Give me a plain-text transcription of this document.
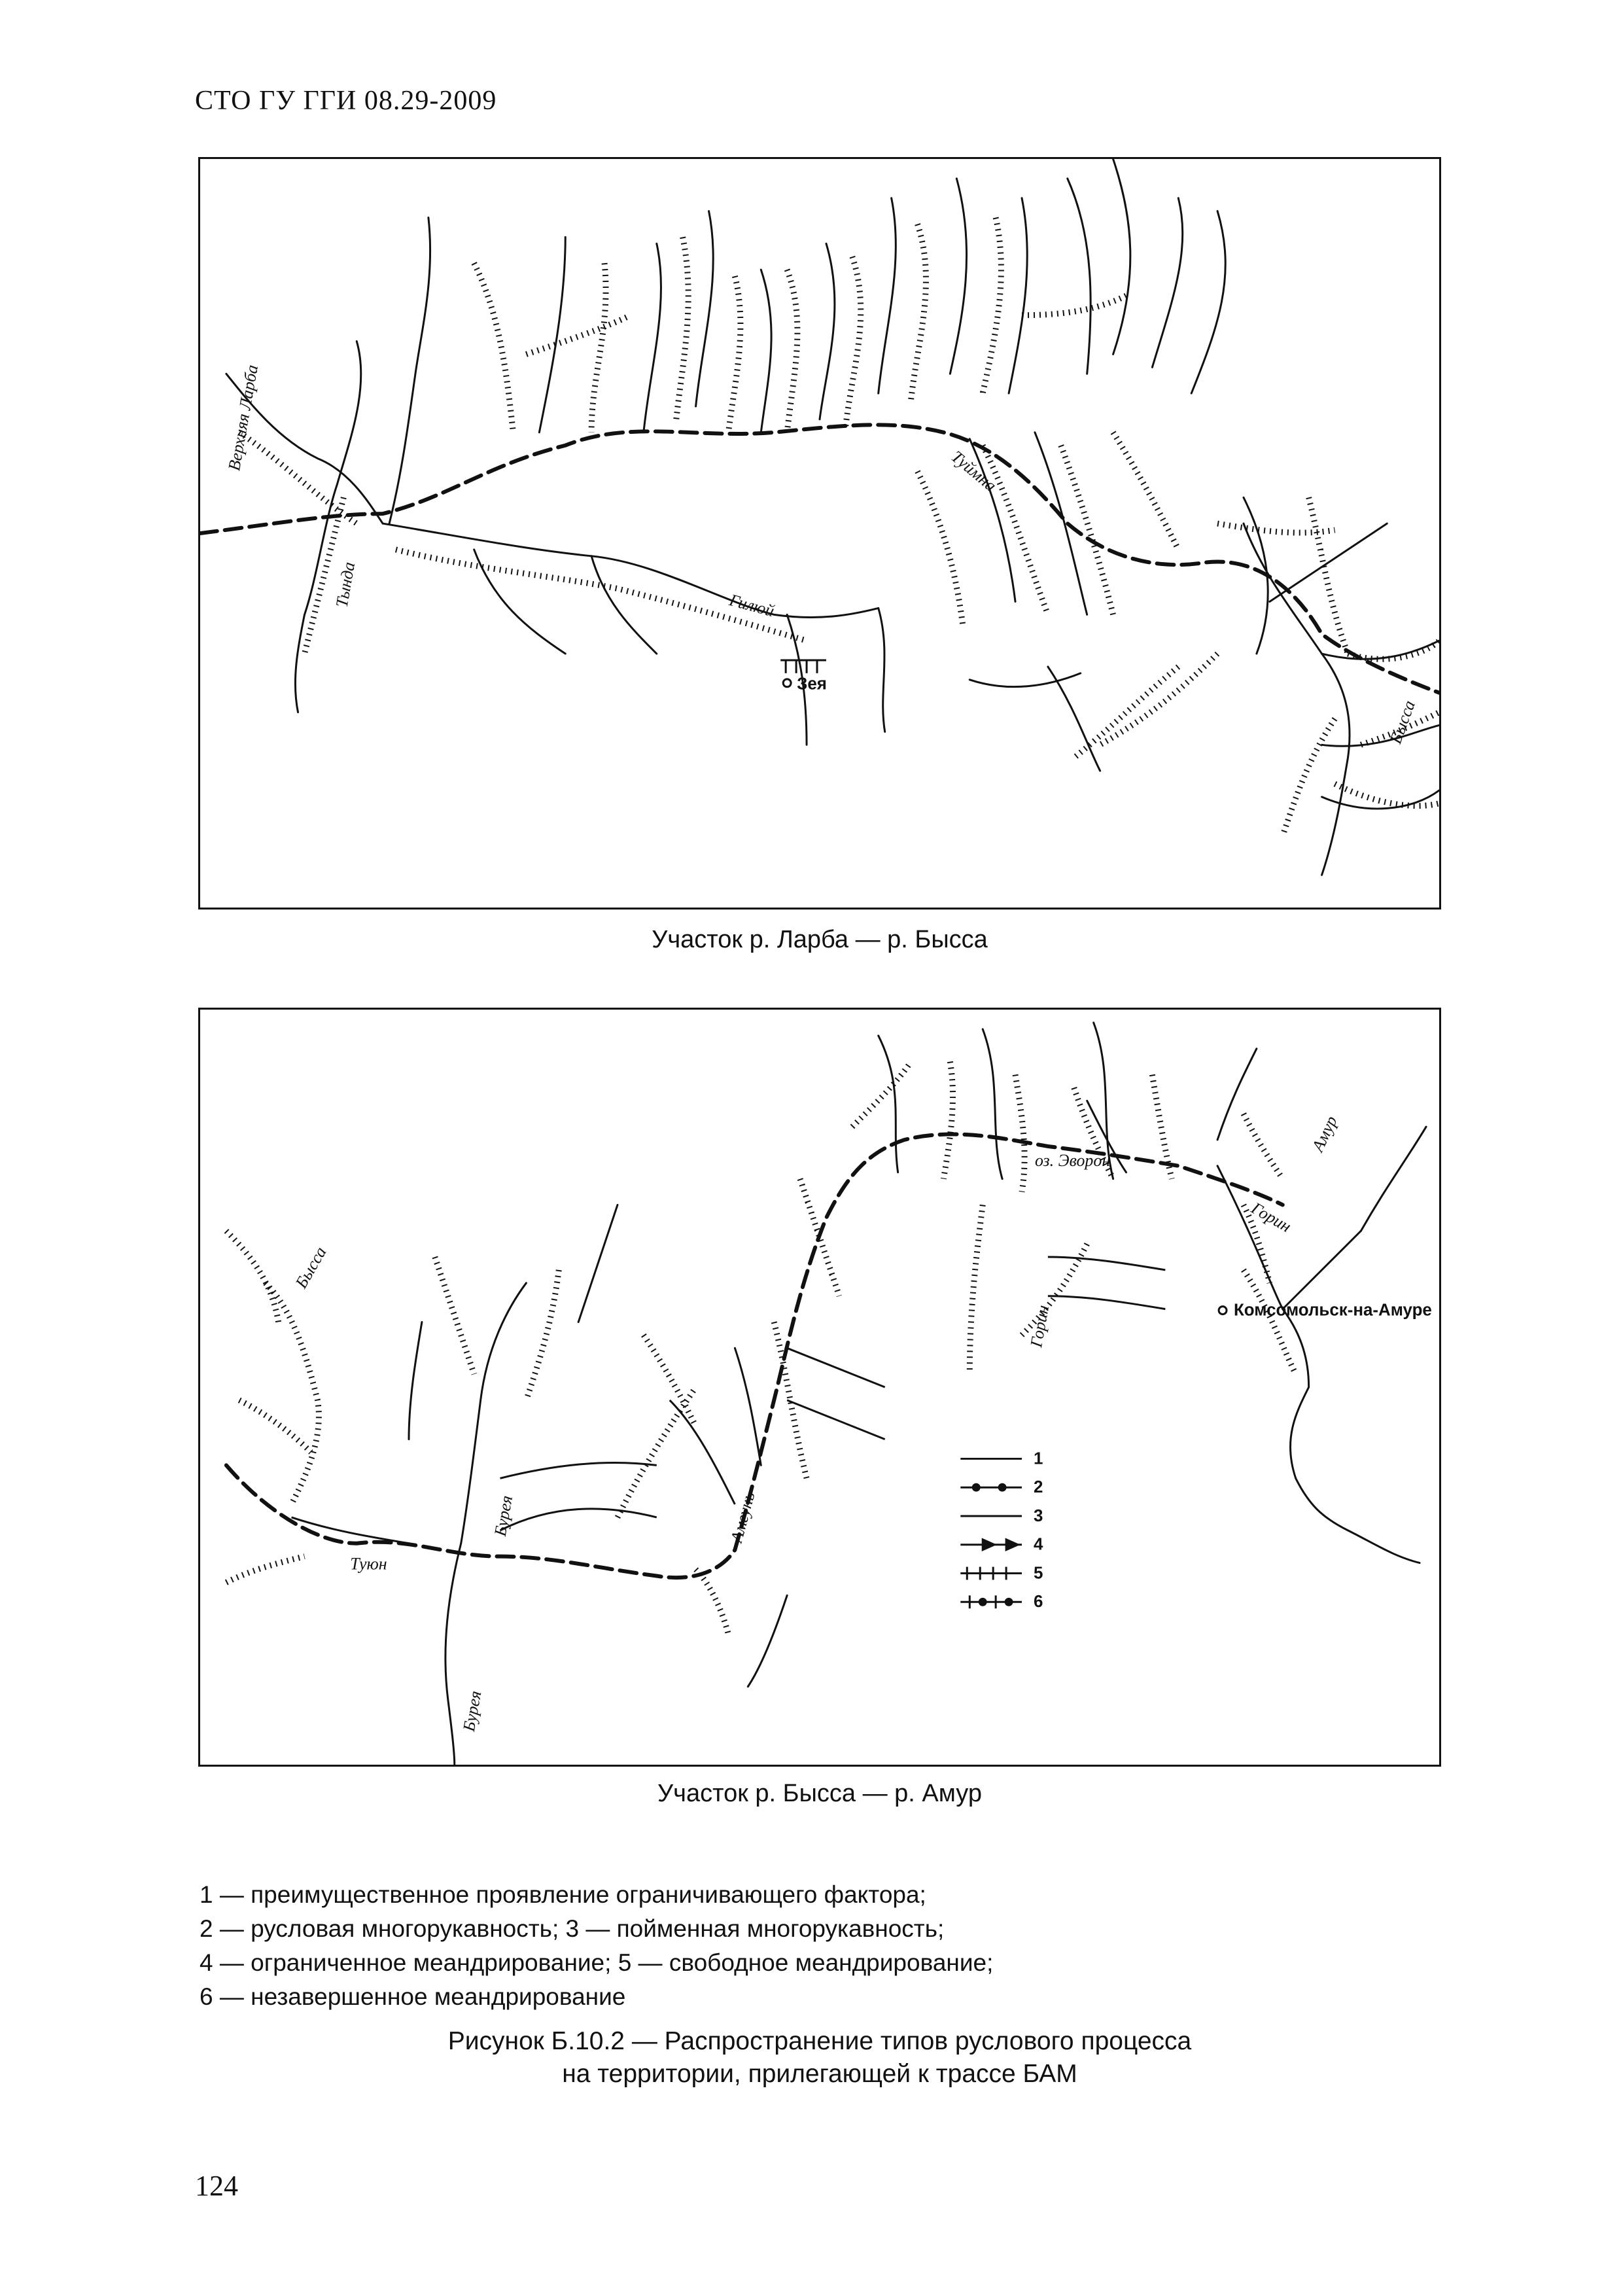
СТО ГУ ГГИ 08.29-2009
Верхняя Ларба
Тында	Гилюй
Зея
Туймна
Бысса
Участок р. Ларба — р. Бысса
1
2
3
4
5
6
Бысса
Туюн
Бурея
Бурея
Амгунь
оз. Эворон
Горин
Горин
Амур
Комсомольск-на-Амуре
Участок р. Бысса — р. Амур
1 — преимущественное проявление ограничивающего фактора;
2 — русловая многорукавность; 3 — пойменная многорукавность;
4 — ограниченное меандрирование; 5 — свободное меандрирование;
6 — незавершенное меандрирование
Рисунок Б.10.2 — Распространение типов руслового процесса
на территории, прилегающей к трассе БАМ
124
